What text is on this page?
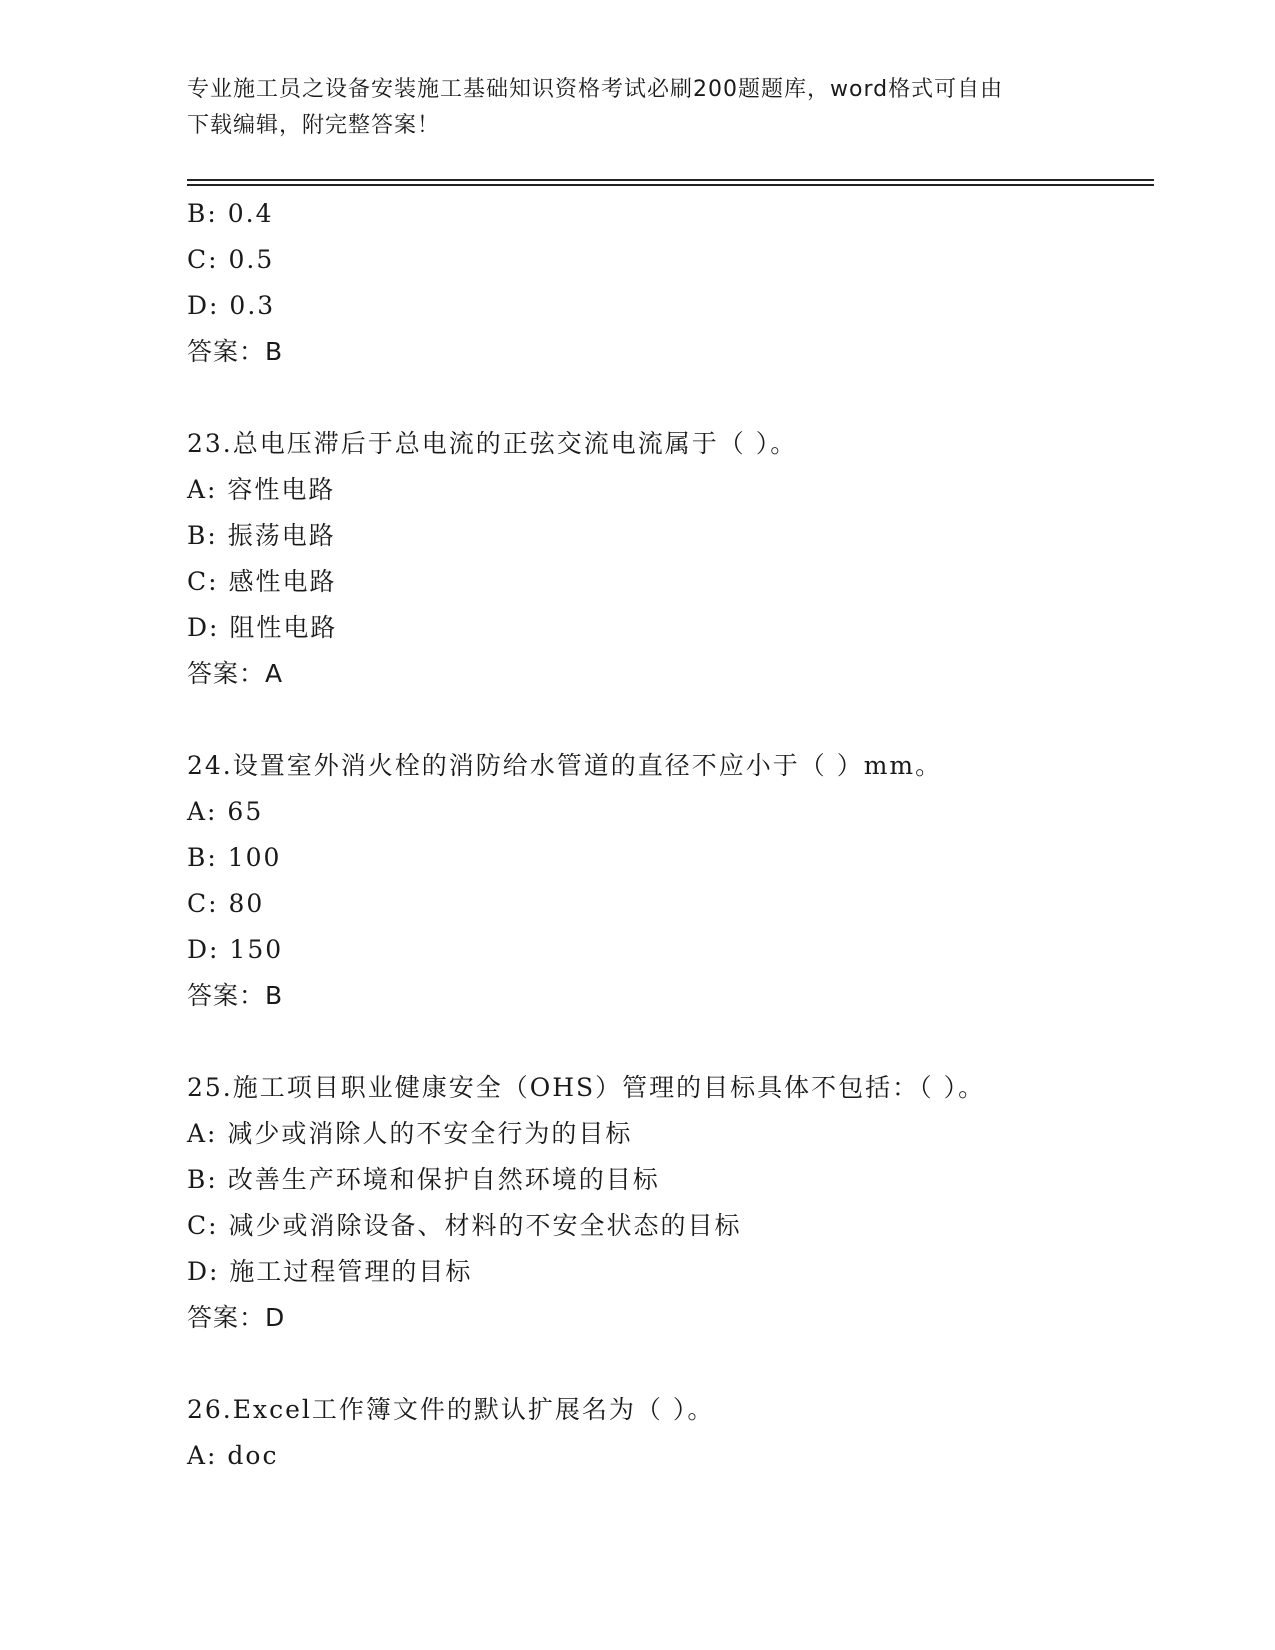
专业施工员之设备安装施工基础知识资格考试必刷200题题库，word格式可自由
下载编辑，附完整答案！
B: 0.4
C: 0.5
D: 0.3
答案：B
23.总电压滞后于总电流的正弦交流电流属于（ ）。
A: 容性电路
B: 振荡电路
C: 感性电路
D: 阻性电路
答案：A
24.设置室外消火栓的消防给水管道的直径不应小于（ ）mm。
A: 65
B: 100
C: 80
D: 150
答案：B
25.施工项目职业健康安全（OHS）管理的目标具体不包括：（ ）。
A: 减少或消除人的不安全行为的目标
B: 改善生产环境和保护自然环境的目标
C: 减少或消除设备、材料的不安全状态的目标
D: 施工过程管理的目标
答案：D
26.Excel工作簿文件的默认扩展名为（ ）。
A: doc
